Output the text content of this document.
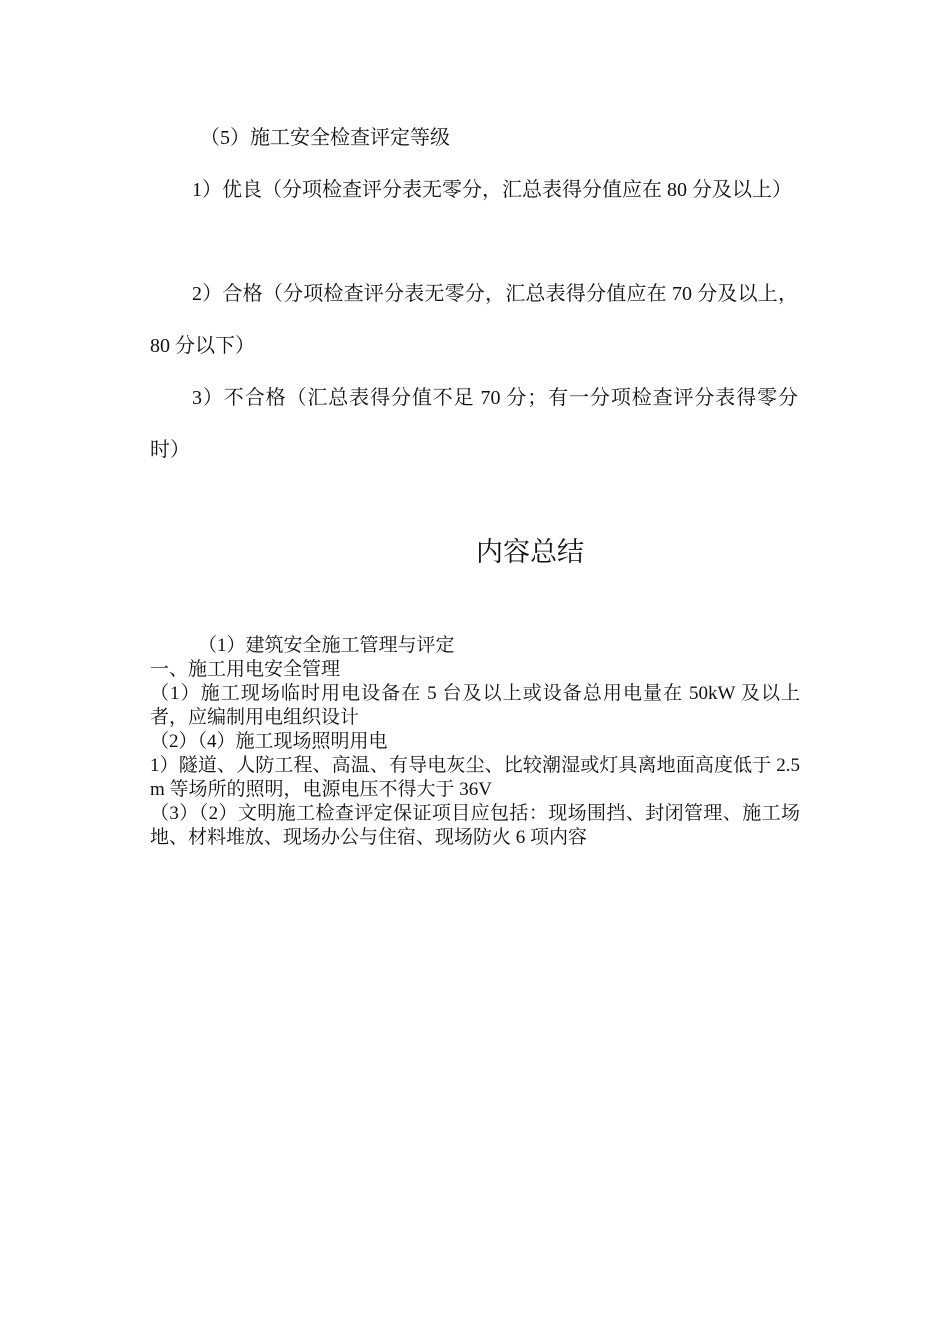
（5）施工安全检查评定等级

1）优良（分项检查评分表无零分，汇总表得分值应在 80 分及以上）

2）合格（分项检查评分表无零分，汇总表得分值应在 70 分及以上，80 分以下）

3）不合格（汇总表得分值不足 70 分；有一分项检查评分表得零分时）

内容总结

（1）建筑安全施工管理与评定

一、施工用电安全管理

（1）施工现场临时用电设备在 5 台及以上或设备总用电量在 50kW 及以上者，应编制用电组织设计

（2）（4）施工现场照明用电

1）隧道、人防工程、高温、有导电灰尘、比较潮湿或灯具离地面高度低于 2.5m 等场所的照明，电源电压不得大于 36V

（3）（2）文明施工检查评定保证项目应包括：现场围挡、封闭管理、施工场地、材料堆放、现场办公与住宿、现场防火 6 项内容
